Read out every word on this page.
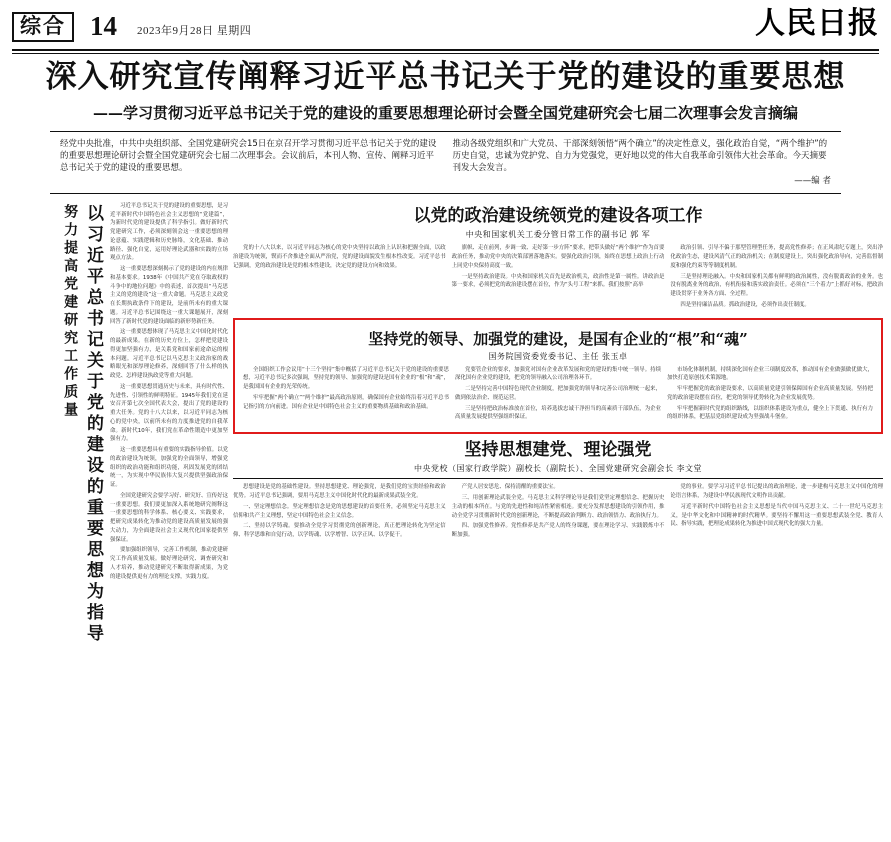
综合 14 2023年9月28日 星期四	人民日报
深入研究宣传阐释习近平总书记关于党的建设的重要思想
——学习贯彻习近平总书记关于党的建设的重要思想理论研讨会暨全国党建研究会七届二次理事会发言摘编
经党中央批准，中共中央组织部、全国党建研究会15日在京召开学习贯彻习近平总书记关于党的建设的重要思想理论研讨会暨全国党建研究会七届二次理事会。会议前后，本刊人物、宣传、阐释习近平总书记关于党的建设的重要思想。
推动各级党组织和广大党员、干部深刻领悟“两个确立”的决定性意义，强化政治自觉，“两个维护”的历史自觉，忠诚为党护党、自力为党强党，更好地以党的伟大自我革命引领伟大社会革命。今天摘要刊发大会发言。
——编 者
以习近平总书记关于党的建设的重要思想为指导
努力提高党建研究工作质量	习近平总书记关于党的建设的重要思想，是习近平新时代中国特色社会主义思想的“党建篇”，为新时代党的建设提供了科学指引。做好新时代党建研究工作，必须深刻领会这一重要思想的理论意蕴、实践逻辑和历史脉络，文化基础、推动路径、强化自觉，运用好理论武器和实践的立场观点方法。

这一重要思想深刻揭示了党的建设的内在规律和基本要求。1938年《中国共产党在夺取政权的斗争中的地位问题》中的表述，首次提出“马克思主义的党的建设”这一重大命题。马克思主义政党在长期执政条件下的建设，是前所未有的重大课题。习近平总书记围绕这一重大课题展开，深刻回答了新时代党的建设面临的新形势新任务。

这一重要思想体现了马克思主义中国化时代化的最新成果。在新的历史方位上，怎样把党建设得更加坚强有力，是关系党和国家前途命运的根本问题。习近平总书记以马克思主义政治家的战略眼光和深厚理论修养，深刻回答了什么样的执政党、怎样建设执政党等重大问题。

这一重要思想贯通历史与未来，具有时代性、先进性、引领性的鲜明特征。1945年我们党在延安召开第七次全国代表大会，提出了党的建设的重大任务。党的十八大以来，以习近平同志为核心的党中央，以前所未有的力度推进党的自我革命。新时代10年，我们党在革命性锻造中更加坚强有力。

这一重要思想具有重要的实践指导价值。以党的政治建设为统领，加强党的全面领导，增强党组织的政治功能和组织功能，巩固发展党的团结统一，为实现中华民族伟大复兴提供坚强政治保证。

全国党建研究会要学习好、研究好、宣传好这一重要思想。我们要更加深入系统地研究阐释这一重要思想的科学体系、核心要义、实践要求，把研究成果转化为推动党的建设高质量发展的强大动力，为全面建设社会主义现代化国家提供坚强保证。

要加强组织领导，完善工作机制，推动党建研究工作高质量发展。做好理论研究、调查研究和人才培养，推动党建研究不断取得新成果，为党的建设提供更有力的理论支撑，实践力度。

以党的政治建设统领党的建设各项工作
中央和国家机关工委分管日常工作的副书记 郭 军

党的十八大以来，以习近平同志为核心的党中央坚持以政治上认识和把握全面，以政治建设为统领，锲而不舍推进全面从严治党，党的建设面貌发生根本性改变。习近平总书记强调，党的政治建设是党的根本性建设，决定党的建设方向和效果。

旗帜、走在前列，步调一致、走好第一步方阵”要求，把带头做好“两个维护”作为首要政治任务，推动党中央的决策部署落地落实。要强化政治引领，始终在思想上政治上行动上同党中央保持高度一致。

一是坚持政治建设。中央和国家机关首先是政治机关，政治性是第一属性。讲政治是第一要求，必须把党的政治建设摆在首位，作为“头号工程”来抓。我们按照“高举

政治引领、引导不偏于那型管理型任务，提高党性修养；在正风肃纪专题上，突出净化政治生态，建设风清气正的政治机关；在制度建设上，突出强化政治导向，完善监督制度和强化约束等等制度机制。

三是坚持理论融入。中央和国家机关都有鲜明的政治属性，没有脱离政治的业务。也没有脱离业务的政治，有机衔接和落实政治责任。必须在“三个着力”上抓好对标，把政治建设贯穿于业务各方面、全过程。

四是坚持廉洁品质。抓政治建设，必须作出责任制度。

坚持党的领导、加强党的建设，是国有企业的“根”和“魂”
国务院国资委党委书记、主任 张玉卓

全国组织工作会议用“十三个坚持”集中概括了习近平总书记关于党的建设的重要思想，习近平总书记多次强调，坚持党的领导、加强党的建设是国有企业的“根”和“魂”，是我国国有企业的光荣传统。

牢牢把握“两个确立”“两个维护”最高政治原则，确保国有企业始终沿着习近平总书记指引的方向前进。国有企业是中国特色社会主义的重要物质基础和政治基础。

党要管企业的要求，加强党对国有企业改革发展和党的建设的集中统一领导。持续深化国有企业党的建设，把党的领导融入公司治理各环节。

二是坚持完善中国特色现代企业制度，把加强党的领导和完善公司治理统一起来，做到依法治企、规范运营。

三是坚持把政治标准放在首位，培养选拔忠诚干净担当的高素质干部队伍，为企业高质量发展提供坚强组织保证。

市场化体制机制，持续深化国有企业三项制度改革，推动国有企业做强做优做大，加快打造原创技术策源地。

牢牢把握党的政治建设要求，以高质量党建引领保障国有企业高质量发展。坚持把党的政治建设摆在首位，把党的领导优势转化为企业发展优势。

牢牢把握新时代党的组织路线，以组织体系建设为重点，健全上下贯通、执行有力的组织体系，把基层党组织建设成为坚强战斗堡垒。

坚持思想建党、理论强党
中央党校（国家行政学院）副校长（副院长）、全国党建研究会副会长 李文堂

思想建设是党的基础性建设。坚持思想建党、理论强党，是我们党的宝贵经验和政治优势。习近平总书记强调，要用马克思主义中国化时代化的最新成果武装全党。

一、坚定理想信念。坚定理想信念是党的思想建设的首要任务，必须坚定马克思主义信仰和共产主义理想，坚定中国特色社会主义信念。

二、坚持以学铸魂。要推动全党学习贯彻党的创新理论，真正把理论转化为坚定信仰、科学思维和自觉行动，以学铸魂、以学增智、以学正风、以学促干。

产党人居安思危、保持清醒的重要法宝。

三、用创新理论武装全党。马克思主义科学理论导是我们党坚定理想信念、把握历史主动的根本所在。与党的先进性和纯洁性紧密相连。要充分发挥思想建设的引领作用，推动全党学习贯彻新时代党的创新理论，不断提高政治判断力、政治领悟力、政治执行力。

四、加强党性修养。党性修养是共产党人的终身课题，要在理论学习、实践锻炼中不断加强。

党的事业。要学习习近平总书记提出的政治理论，进一步建构马克思主义中国化的理论语言体系，为建设中华民族现代文明作出贡献。

习近平新时代中国特色社会主义思想是当代中国马克思主义、二十一世纪马克思主义，是中华文化和中国精神的时代精华。要坚持不懈用这一重要思想武装全党、教育人民、指导实践，把理论成果转化为推进中国式现代化的强大力量。
